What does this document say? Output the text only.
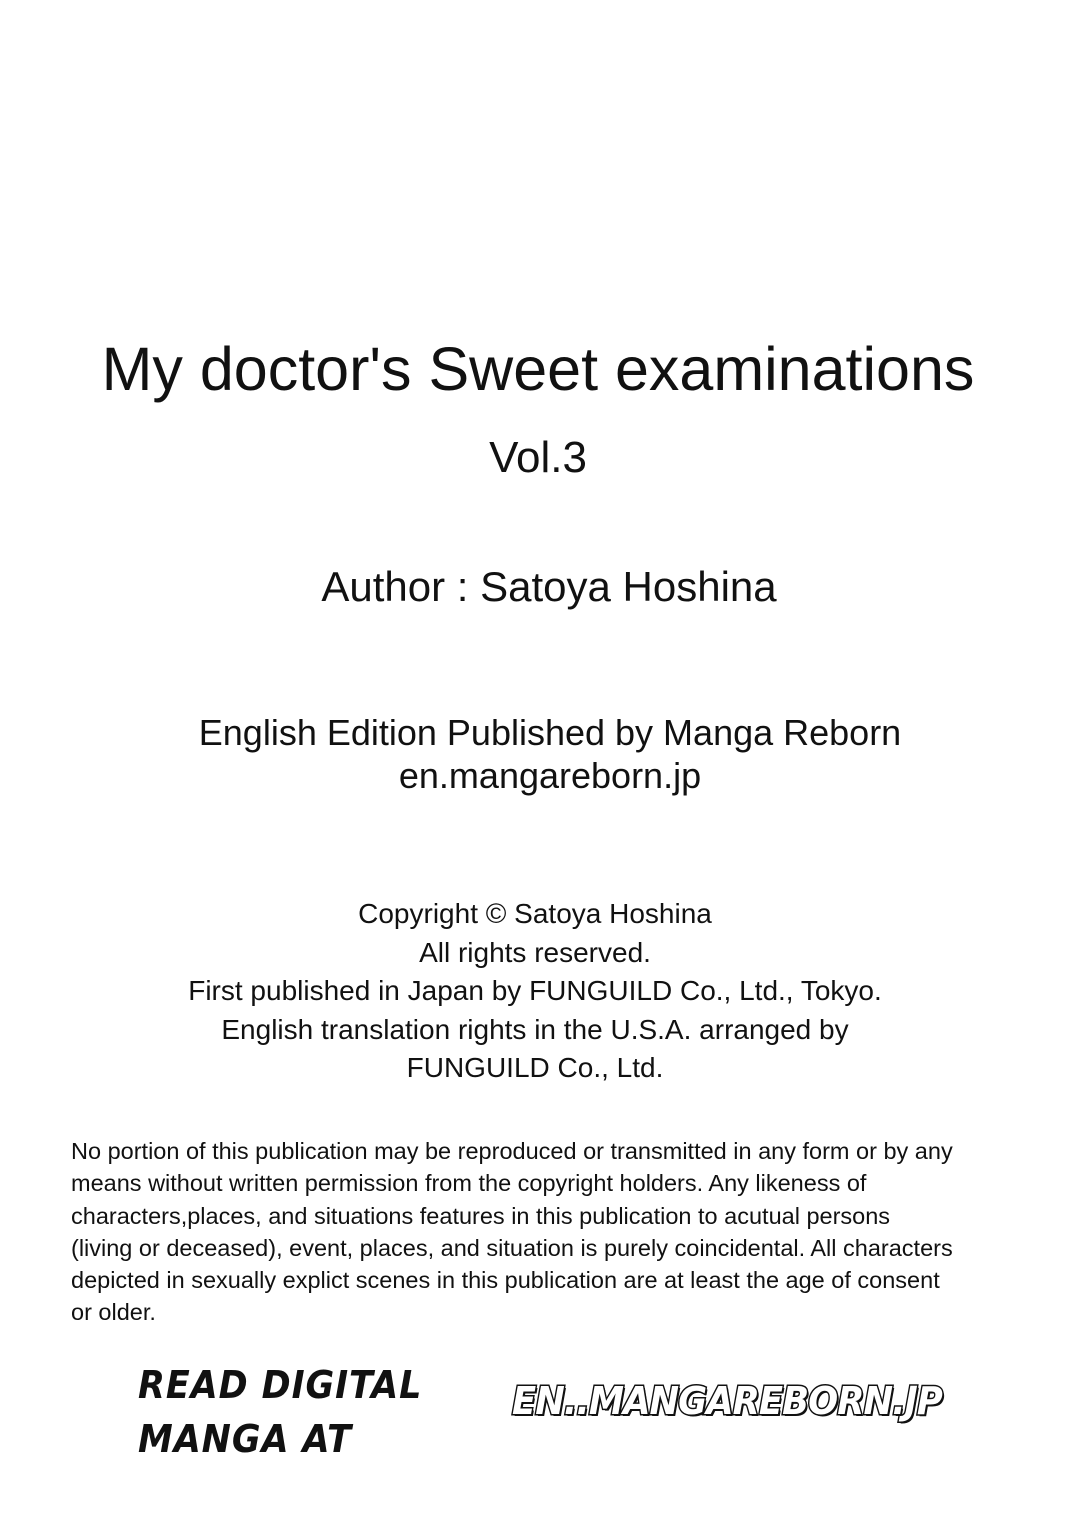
My doctor's Sweet examinations
Vol.3
Author : Satoya Hoshina
English Edition Published by Manga Reborn
en.mangareborn.jp
Copyright © Satoya Hoshina
All rights reserved.
First published in Japan by FUNGUILD Co., Ltd., Tokyo.
English translation rights in the U.S.A. arranged by
FUNGUILD Co., Ltd.
No portion of this publication may be reproduced or transmitted in any form or by any
means without written permission from the copyright holders. Any likeness of
characters,places, and situations features in this publication to acutual persons
(living or deceased), event, places, and situation is purely coincidental. All characters
depicted in sexually explict scenes in this publication are at least the age of consent
or older.
READ DIGITAL
MANGA AT
EN..MANGAREBORN.JP
